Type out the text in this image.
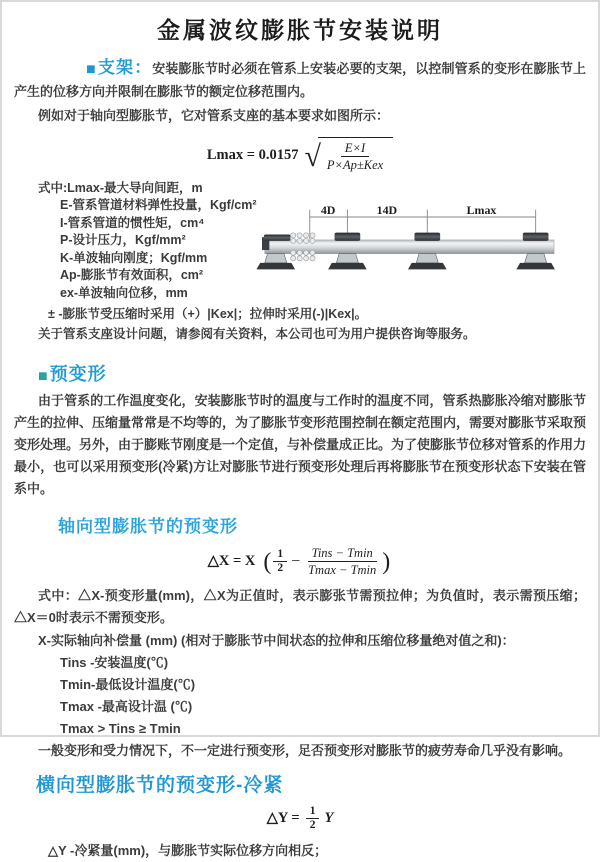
金属波纹膨胀节安装说明

■ 支架：安装膨胀节时必须在管系上安装必要的支架，以控制管系的变形在膨胀节上产生的位移方向并限制在膨胀节的额定位移范围内。

例如对于轴向型膨胀节，它对管系支座的基本要求如图所示：

Lmax = 0.0157 √ $\frac{E\times I}{\text{P×Ap±Kex}}$

式中:Lmax-最大导向间距，m

E-管系管道材料弹性投量，Kgf/cm²

I-管系管道的惯性矩，cm⁴

P-设计压力，Kgf/mm²

K-单波轴向刚度；Kgf/mm

Ap-膨胀节有效面积，cm²

ex-单波轴向位移，mm

4D	14D	Lmax

± -膨胀节受压缩时采用（+）|Kex|；拉伸时采用(-)|Kex|。

关于管系支座设计问题，请参阅有关资料，本公司也可为用户提供咨询等服务。

■ 预变形

由于管系的工作温度变化，安装膨胀节时的温度与工作时的温度不同，管系热膨胀冷缩对膨胀节产生的拉伸、压缩量常常是不均等的，为了膨胀节变形范围控制在额定范围内，需要对膨胀节采取预变形处理。另外，由于膨账节刚度是一个定值，与补偿量成正比。为了使膨胀节位移对管系的作用力最小，也可以采用预变形(冷紧)方让对膨胀节进行预变形处理后再将膨胀节在预变形状态下安装在管系中。

轴向型膨胀节的预变形

△X = X ( $\frac{1}{2} - \frac{\text{Tins − Tmin}}{Tmax - Tmin}$ )

式中：△X-预变形量(mm)，△X为正值时，表示膨张节需预拉伸；为负值时，表示需预压缩；△X＝0时表示不需预变形。

X-实际轴向补偿量 (mm) (相对于膨胀节中间状态的拉伸和压缩位移量绝对值之和)：

Tins -安装温度(℃)

Tmin-最低设计温度(℃)

Tmax -最高设计温 (℃)

Tmax > Tins ≥ Tmin

一般变形和受力情况下，不一定进行预变形，足否预变形对膨胀节的疲劳寿命几乎没有影响。

横向型膨胀节的预变形-冷紧

△Y = $\frac{1}{2}$ Y

△Y -冷紧量(mm)，与膨胀节实际位移方向相反；
